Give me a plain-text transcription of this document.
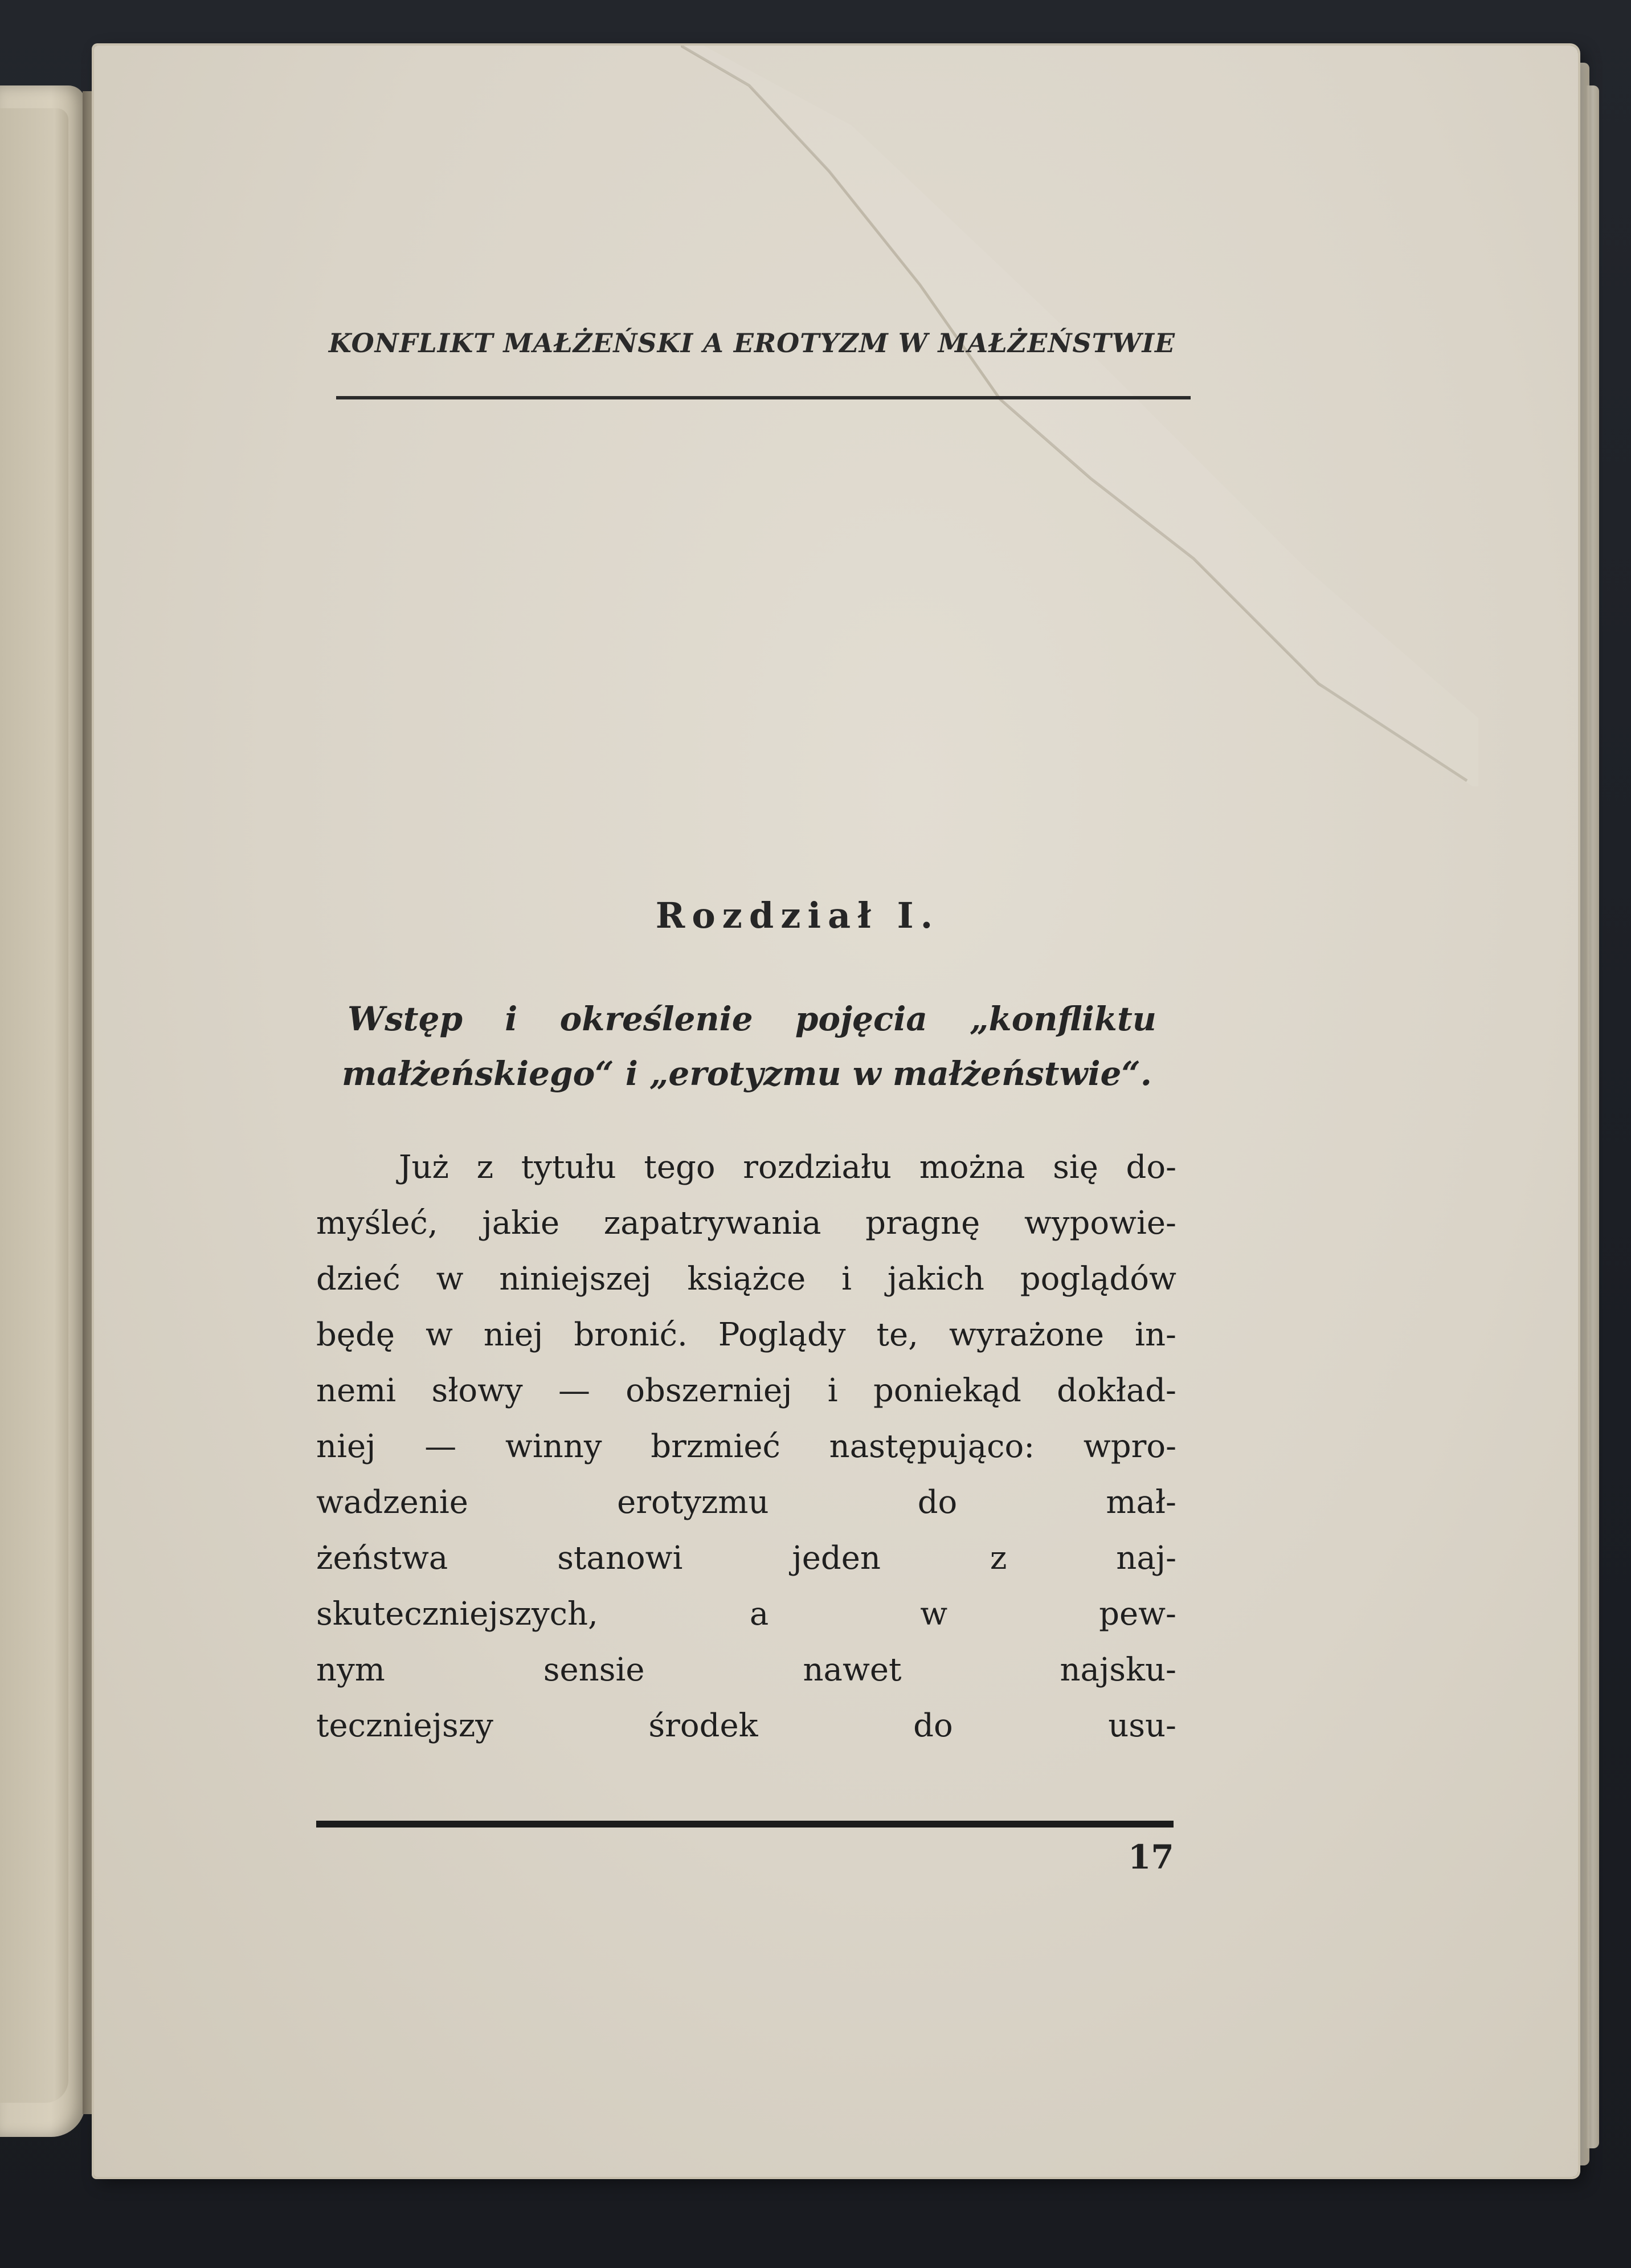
KONFLIKT MAŁŻEŃSKI A EROTYZM W MAŁŻEŃSTWIE
Rozdział I.
Wstęp i określenie pojęcia „konfliktu
małżeńskiego“ i „erotyzmu w małżeństwie“.
Już z tytułu tego rozdziału można się do-
myśleć, jakie zapatrywania pragnę wypowie-
dzieć w niniejszej książce i jakich poglądów
będę w niej bronić. Poglądy te, wyrażone in-
nemi słowy — obszerniej i poniekąd dokład-
niej — winny brzmieć następująco: wpro-
wadzenie	erotyzmu	do	mał-
żeństwa	stanowi	jeden	z	naj-
skuteczniejszych,	a	w	pew-
nym	sensie	nawet	najsku-
teczniejszy	środek	do	usu-
17
